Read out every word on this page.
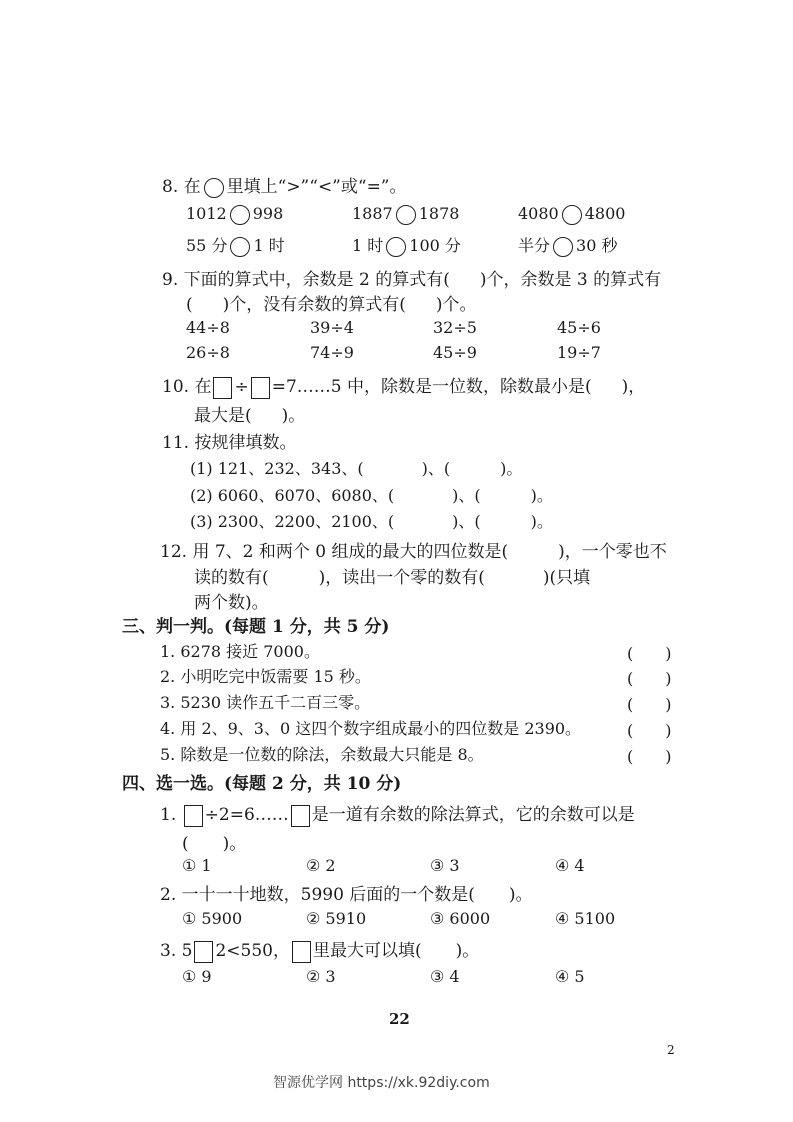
8. 在 里填上“>”“<”或“=”。
1012 998	1887 1878	4080 4800
55 分 1 时	1 时 100 分	半分 30 秒
9. 下面的算式中，余数是 2 的算式有( )个，余数是 3 的算式有
( )个，没有余数的算式有( )个。
44÷8	39÷4	32÷5	45÷6
26÷8	74÷9	45÷9	19÷7
10. 在 ÷ =7……5 中，除数是一位数，除数最小是( )，
最大是( )。
11. 按规律填数。
(1) 121、232、343、(	)、(	)。
(2) 6060、6070、6080、(	)、(	)。
(3) 2300、2200、2100、(	)、(	)。
12. 用 7、2 和两个 0 组成的最大的四位数是(	)，一个零也不
读的数有(	)，读出一个零的数有(	)(只填
两个数)。
三、判一判。(每题 1 分，共 5 分)
1. 6278 接近 7000。	(　　)
2. 小明吃完中饭需要 15 秒。	(　　)
3. 5230 读作五千二百三零。	(　　)
4. 用 2、9、3、0 这四个数字组成最小的四位数是 2390。	(　　)
5. 除数是一位数的除法，余数最大只能是 8。	(　　)
四、选一选。(每题 2 分，共 10 分)
1. ÷2=6…… 是一道有余数的除法算式，它的余数可以是
(　　)。
① 1	② 2	③ 3	④ 4
2. 一十一十地数，5990 后面的一个数是(　　)。
① 5900	② 5910	③ 6000	④ 5100
3. 5 2<550， 里最大可以填(　　)。
① 9	② 3	③ 4	④ 5
22
2
智源优学网 https://xk.92diy.com
